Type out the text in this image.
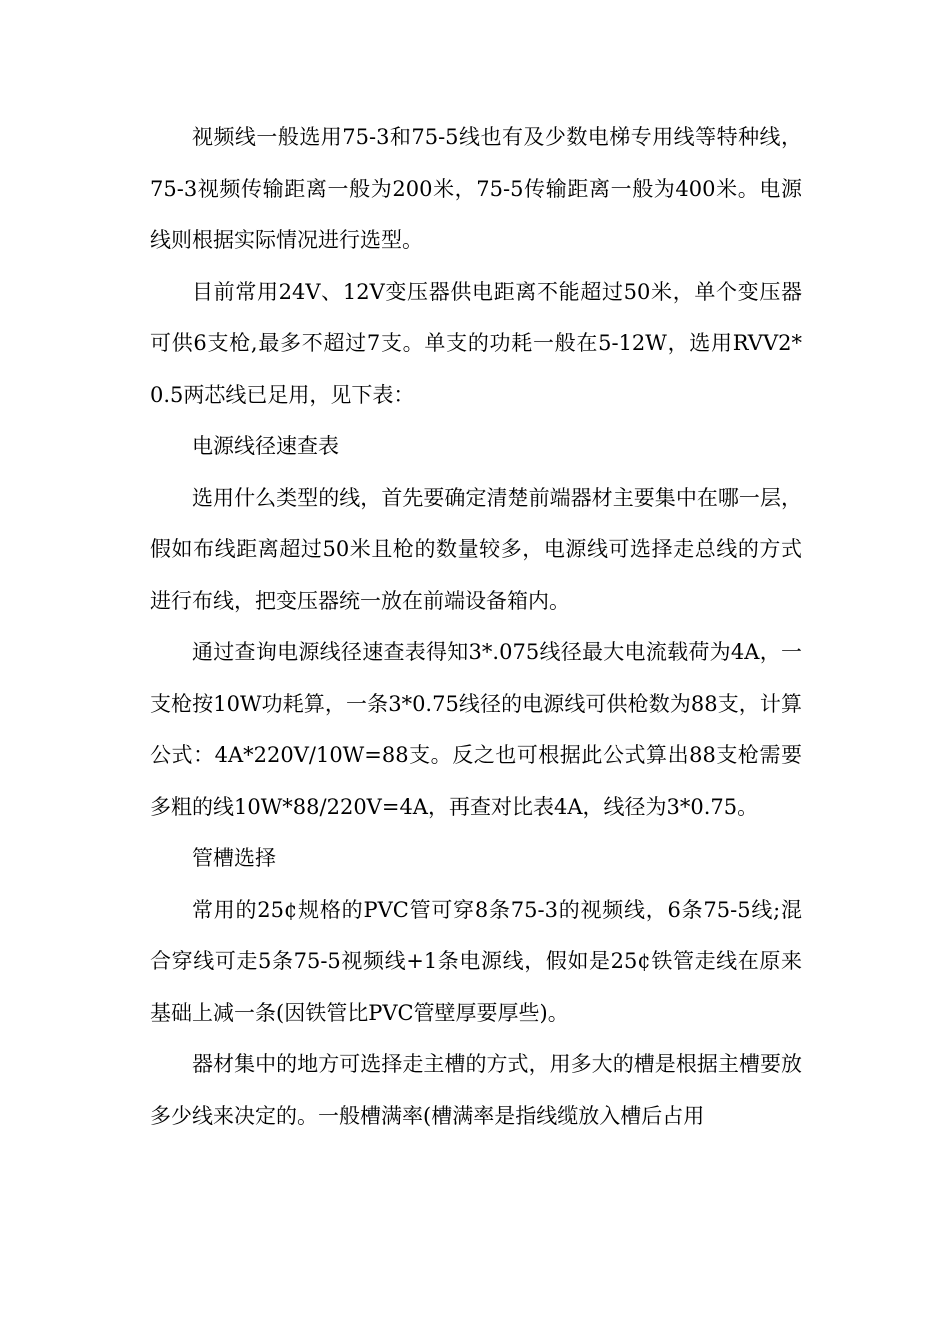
视频线一般选用75-3和75-5线也有及少数电梯专用线等特种线，75-3视频传输距离一般为200米，75-5传输距离一般为400米。电源线则根据实际情况进行选型。

目前常用24V、12V变压器供电距离不能超过50米，单个变压器可供6支枪,最多不超过7支。单支的功耗一般在5-12W，选用RVV2*0.5两芯线已足用，见下表：

电源线径速查表

选用什么类型的线，首先要确定清楚前端器材主要集中在哪一层，假如布线距离超过50米且枪的数量较多，电源线可选择走总线的方式进行布线，把变压器统一放在前端设备箱内。

通过查询电源线径速查表得知3*.075线径最大电流载荷为4A，一支枪按10W功耗算，一条3*0.75线径的电源线可供枪数为88支，计算公式：4A*220V/10W=88支。反之也可根据此公式算出88支枪需要多粗的线10W*88/220V=4A，再查对比表4A，线径为3*0.75。

管槽选择

常用的25¢规格的PVC管可穿8条75-3的视频线，6条75-5线;混合穿线可走5条75-5视频线+1条电源线，假如是25¢铁管走线在原来基础上减一条(因铁管比PVC管壁厚要厚些)。

器材集中的地方可选择走主槽的方式，用多大的槽是根据主槽要放多少线来决定的。一般槽满率(槽满率是指线缆放入槽后占用
